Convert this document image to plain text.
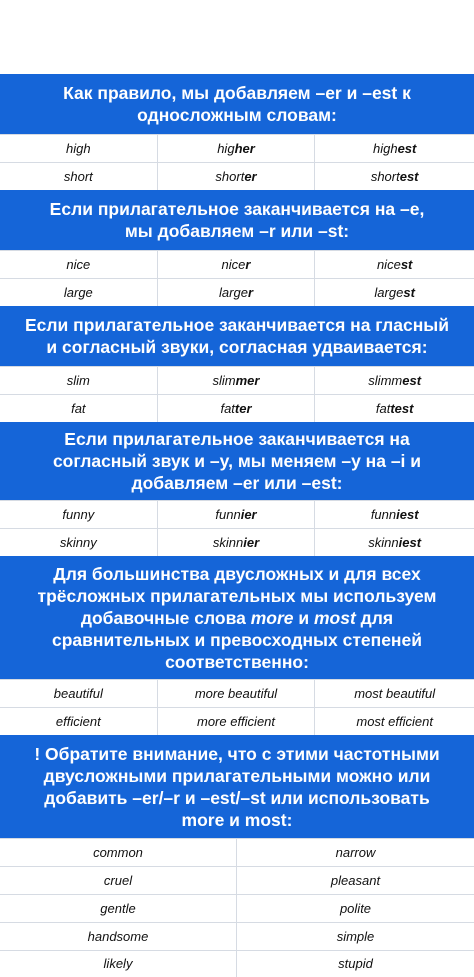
Как правило, мы добавляем –er и –est к
односложным словам:
high	higher	highest
short	shorter	shortest
Если прилагательное заканчивается на –e,
мы добавляем –r или –st:
nice	nicer	nicest
large	larger	largest
Если прилагательное заканчивается на гласный
и согласный звуки, согласная удваивается:
slim	slimmer	slimmest
fat	fatter	fattest
Если прилагательное заканчивается на
согласный звук и –y, мы меняем –y на –i и
добавляем –er или –est:
funny	funnier	funniest
skinny	skinnier	skinniest
Для большинства двусложных и для всех
трёсложных прилагательных мы используем
добавочные слова more и most для
сравнительных и превосходных степеней
соответственно:
beautiful	more beautiful	most beautiful
efficient	more efficient	most efficient
! Обратите внимание, что с этими частотными
двусложными прилагательными можно или
добавить –er/–r и –est/–st или использовать
more и most:
common	narrow
cruel	pleasant
gentle	polite
handsome	simple
likely	stupid
